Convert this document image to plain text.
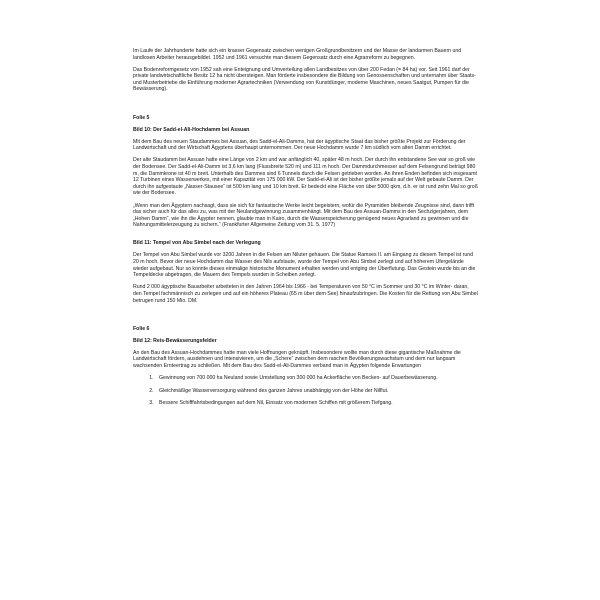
Im Laufe der Jahrhunderte hatte sich ein krasser Gegensatz zwischen wenigen Großgrundbesitzern und der Masse der landarmen Bauern und landlosen Arbeiter herausgebildet. 1952 und 1961 versuchte man diesem Gegensatz durch eine Agrarreform zu begegnen.

Das Bodenreformgesetz von 1952 sah eine Enteignung und Umverteilung allen Landbesitzes von über 200 Fedan (= 84 ha) vor. Seit 1961 darf der private landwirtschaftliche Besitz 12 ha nicht übersteigen. Man förderte insbesondere die Bildung von Genossenschaften und unternahm über Staats- und Musterbetriebe die Einführung moderner Agrartechniken (Verwendung von Kunstdünger, moderne Maschinen, neues Saatgut, Pumpen für die Bewässerung).

Folie 5
Bild 10: Der Sadd-el-Ali-Hochdamm bei Assuan

Mit dem Bau des neuen Staudammes bei Assuan, des Sadd-el-Ali-Damms, hat der ägyptische Staat das bisher größte Projekt zur Förderung der Landwirtschaft und der Wirtschaft Ägyptens überhaupt unternommen. Der neue Hochdamm wurde 7 km südlich vom alten Damm errichtet.

Der alte Staudamm bei Assuan hatte eine Länge von 2 km und war anfänglich 40, später 48 m hoch. Der durch ihn entstandene See war so groß wie der Bodensee. Der Sadd-el-Ali-Damm ist 3,6 km lang (Flussbreite 520 m) und 111 m hoch. Der Dammdurchmesser auf dem Felsengrund beträgt 980 m, die Dammkrone ist 40 m breit. Unterhalb des Dammes sind 6 Tunnels durch die Felsen getrieben worden. An ihren Enden befinden sich insgesamt 12 Turbinen eines Wasserwerkes, mit einer Kapazität von 175 000 kW. Der Sadd-el-Ali ist der bisher größte jemals auf der Welt gebaute Damm. Der durch ihn aufgestaute „Nasser-Stausee“ ist 500 km lang und 10 km breit. Er bedeckt eine Fläche von über 5000 qkm, d.h. er ist rund zehn Mal so groß wie der Bodensee.

„Wenn man den Ägyptern nachsagt, dass sie sich für fantastische Werke leicht begeistern, wofür die Pyramiden bleibende Zeugnisse sind, dann trifft das sicher auch für das alles zu, was mit der Neulandgewinnung zusammenhängt. Mit dem Bau des Assuan-Damms in den Sechzigerjahren, dem „Hohen Damm“, wie ihn die Ägypter nennen, glaubte man in Kairo, durch die Wasserspeicherung genügend neues Agrarland zu gewinnen und die Nahrungsmittelerzeugung zu sichern.“ (Frankfurter Allgemeine Zeitung vom 31. 5. 1977)

Bild 11: Tempel von Abu Simbel nach der Verlegung

Der Tempel von Abu Simbel wurde vor 3200 Jahren in die Felsen am Niluter gehauen. Die Statue Ramses II. am Eingang zu diesem Tempel ist rund 20 m hoch. Bevor der neue Hochdamm das Wasser des Nils aufstaute, wurde der Tempel von Abu Simbel zerlegt und auf höherem Ufergelände wieder aufgebaut. Nur so konnte dieses einmalige historische Monument erhalten werden und entging der Überflutung. Das Gestein wurde bis an die Tempeldecke abgetragen, die Mauern des Tempels wurden in Scheiben zerlegt.

Rund 2 000 ägyptische Bauarbeiter arbeiteten in den Jahren 1964 bis 1966 - bei Temperaturen von 50 °C im Sommer und 30 °C im Winter- daran, den Tempel fachmännisch zu zerlegen und auf ein höheres Plateau (65 m über dem See) hinaufzubringen. Die Kosten für die Rettung von Abu Simbel betrugen rund 150 Mio. DM.

Folie 6
Bild 12: Reis-Bewässerungsfelder

An den Bau des Assuan-Hochdammes hatte man viele Hoffnungen geknüpft. Insbesondere wollte man durch diese gigantische Maßnahme die Landwirtschaft fördern, ausdehnen und intensivieren, um die „Schere“ zwischen dem raschen Bevölkerungswachstum und dem nur langsam wachsenden Ernteertrag zu schließen. Mit dem Bau des Sadd-el-Ali-Dammes verband man in Ägypten folgende Erwartungen

1. Gewinnung von 700 000 ha Neuland sowie Umstellung von 300 000 ha Ackerfläche von Becken- auf Dauerbewässerung.
2. Gleichmäßige Wasserversorgung während des ganzen Jahres unabhängig von der Höhe der Nilflut.
3. Bessere Schifffahrtsbedingungen auf dem Nil, Einsatz von modernen Schiffen mit größerem Tiefgang.
